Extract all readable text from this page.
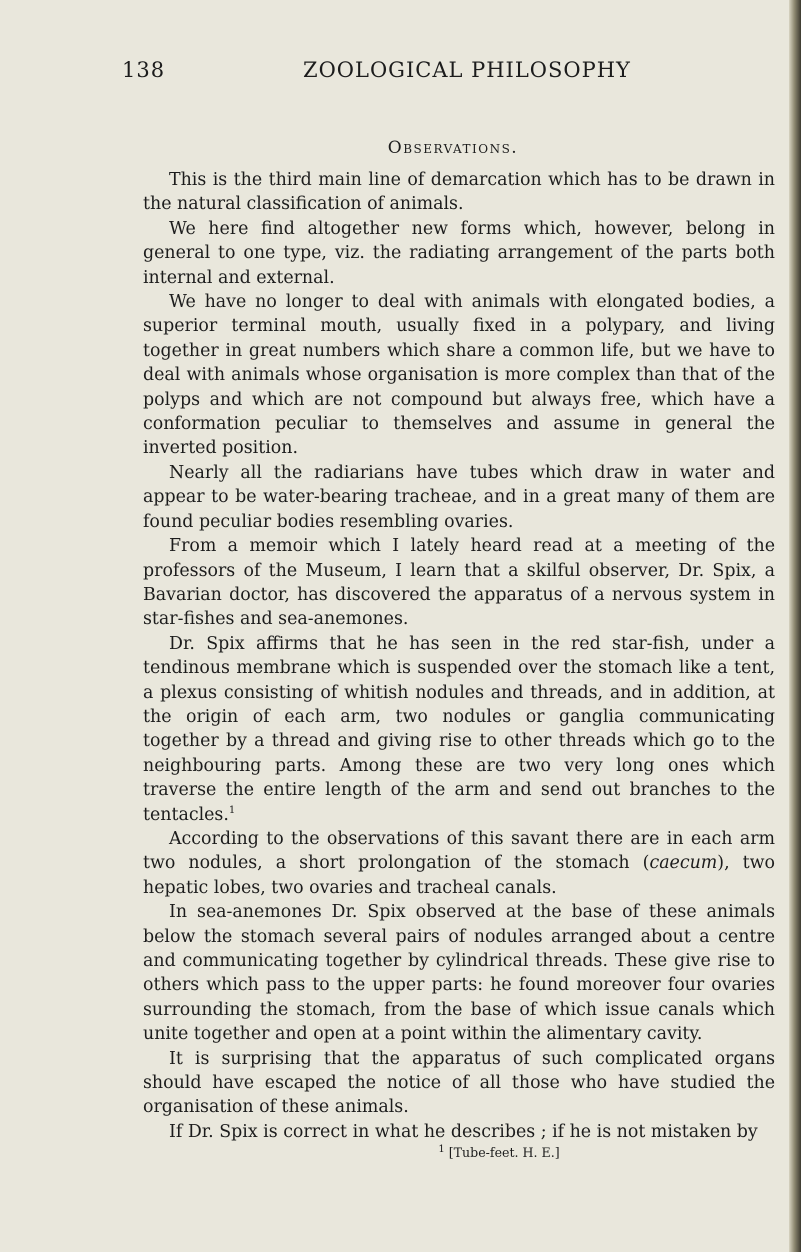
138	ZOOLOGICAL PHILOSOPHY
Observations.

This is the third main line of demarcation which has to be drawn in the natural classification of animals.

We here find altogether new forms which, however, belong in general to one type, viz. the radiating arrangement of the parts both internal and external.

We have no longer to deal with animals with elongated bodies, a superior terminal mouth, usually fixed in a polypary, and living together in great numbers which share a common life, but we have to deal with animals whose organisation is more complex than that of the polyps and which are not compound but always free, which have a conformation peculiar to themselves and assume in general the inverted position.

Nearly all the radiarians have tubes which draw in water and appear to be water-bearing tracheae, and in a great many of them are found peculiar bodies resembling ovaries.

From a memoir which I lately heard read at a meeting of the professors of the Museum, I learn that a skilful observer, Dr. Spix, a Bavarian doctor, has discovered the apparatus of a nervous system in star-fishes and sea-anemones.

Dr. Spix affirms that he has seen in the red star-fish, under a tendinous membrane which is suspended over the stomach like a tent, a plexus consisting of whitish nodules and threads, and in addition, at the origin of each arm, two nodules or ganglia communicating together by a thread and giving rise to other threads which go to the neighbouring parts. Among these are two very long ones which traverse the entire length of the arm and send out branches to the tentacles.$^1$

According to the observations of this savant there are in each arm two nodules, a short prolongation of the stomach (caecum), two hepatic lobes, two ovaries and tracheal canals.

In sea-anemones Dr. Spix observed at the base of these animals below the stomach several pairs of nodules arranged about a centre and communicating together by cylindrical threads. These give rise to others which pass to the upper parts: he found moreover four ovaries surrounding the stomach, from the base of which issue canals which unite together and open at a point within the alimentary cavity.

It is surprising that the apparatus of such complicated organs should have escaped the notice of all those who have studied the organisation of these animals.

If Dr. Spix is correct in what he describes ; if he is not mistaken by

$^1$ [Tube-feet. H. E.]
